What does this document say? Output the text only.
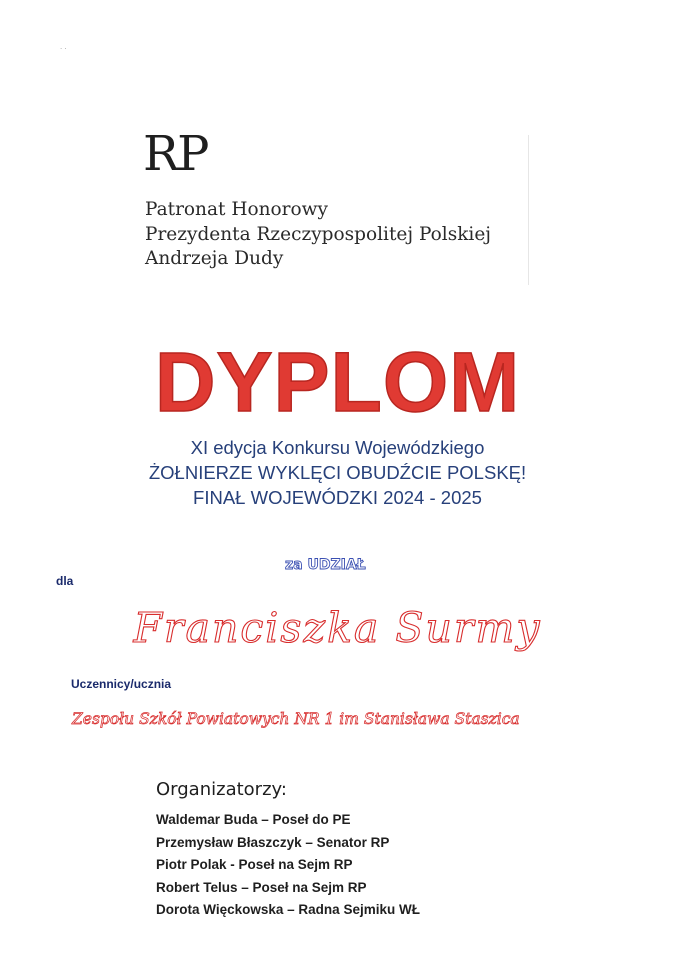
⋅ ⋅
RP
Patronat Honorowy
Prezydenta Rzeczypospolitej Polskiej
Andrzeja Dudy
DYPLOM
XI edycja Konkursu Wojewódzkiego
ŻOŁNIERZE WYKLĘCI OBUDŹCIE POLSKĘ!
FINAŁ WOJEWÓDZKI 2024 - 2025
za UDZIAŁ
dla
Franciszka Surmy
Uczennicy/ucznia
Zespołu Szkół Powiatowych NR 1 im Stanisława Staszica
Organizatorzy:
Waldemar Buda – Poseł do PE
Przemysław Błaszczyk – Senator RP
Piotr Polak - Poseł na Sejm RP
Robert Telus – Poseł na Sejm RP
Dorota Więckowska – Radna Sejmiku WŁ
